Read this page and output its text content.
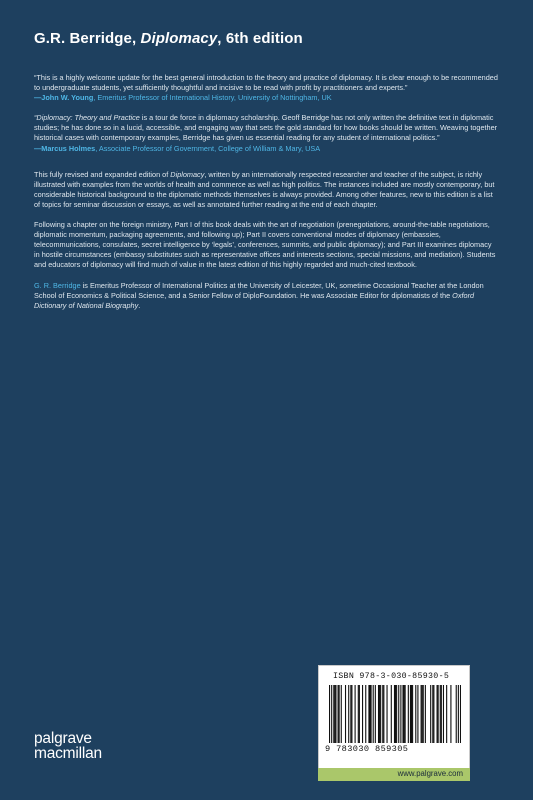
G.R. Berridge, Diplomacy, 6th edition

“This is a highly welcome update for the best general introduction to the theory and practice of diplomacy. It is clear enough to be recommended to undergraduate students, yet sufficiently thoughtful and incisive to be read with profit by practitioners and experts.”
—John W. Young, Emeritus Professor of International History, University of Nottingham, UK

“Diplomacy: Theory and Practice is a tour de force in diplomacy scholarship. Geoff Berridge has not only written the definitive text in diplomatic studies; he has done so in a lucid, accessible, and engaging way that sets the gold standard for how books should be written. Weaving together historical cases with contemporary examples, Berridge has given us essential reading for any student of international politics.”
—Marcus Holmes, Associate Professor of Government, College of William & Mary, USA

This fully revised and expanded edition of Diplomacy, written by an internationally respected researcher and teacher of the subject, is richly illustrated with examples from the worlds of health and commerce as well as high politics. The instances included are mostly contemporary, but considerable historical background to the diplomatic methods themselves is always provided. Among other features, new to this edition is a list of topics for seminar discussion or essays, as well as annotated further reading at the end of each chapter.

Following a chapter on the foreign ministry, Part I of this book deals with the art of negotiation (prenegotiations, around-the-table negotiations, diplomatic momentum, packaging agreements, and following up); Part II covers conventional modes of diplomacy (embassies, telecommunications, consulates, secret intelligence by ‘legals’, conferences, summits, and public diplomacy); and Part III examines diplomacy in hostile circumstances (embassy substitutes such as representative offices and interests sections, special missions, and mediation). Students and educators of diplomacy will find much of value in the latest edition of this highly regarded and much-cited textbook.

G. R. Berridge is Emeritus Professor of International Politics at the University of Leicester, UK, sometime Occasional Teacher at the London School of Economics & Political Science, and a Senior Fellow of DiploFoundation. He was Associate Editor for diplomatists of the Oxford Dictionary of National Biography.

palgrave
macmillan
ISBN 978-3-030-85930-5
9 783030 859305
www.palgrave.com
